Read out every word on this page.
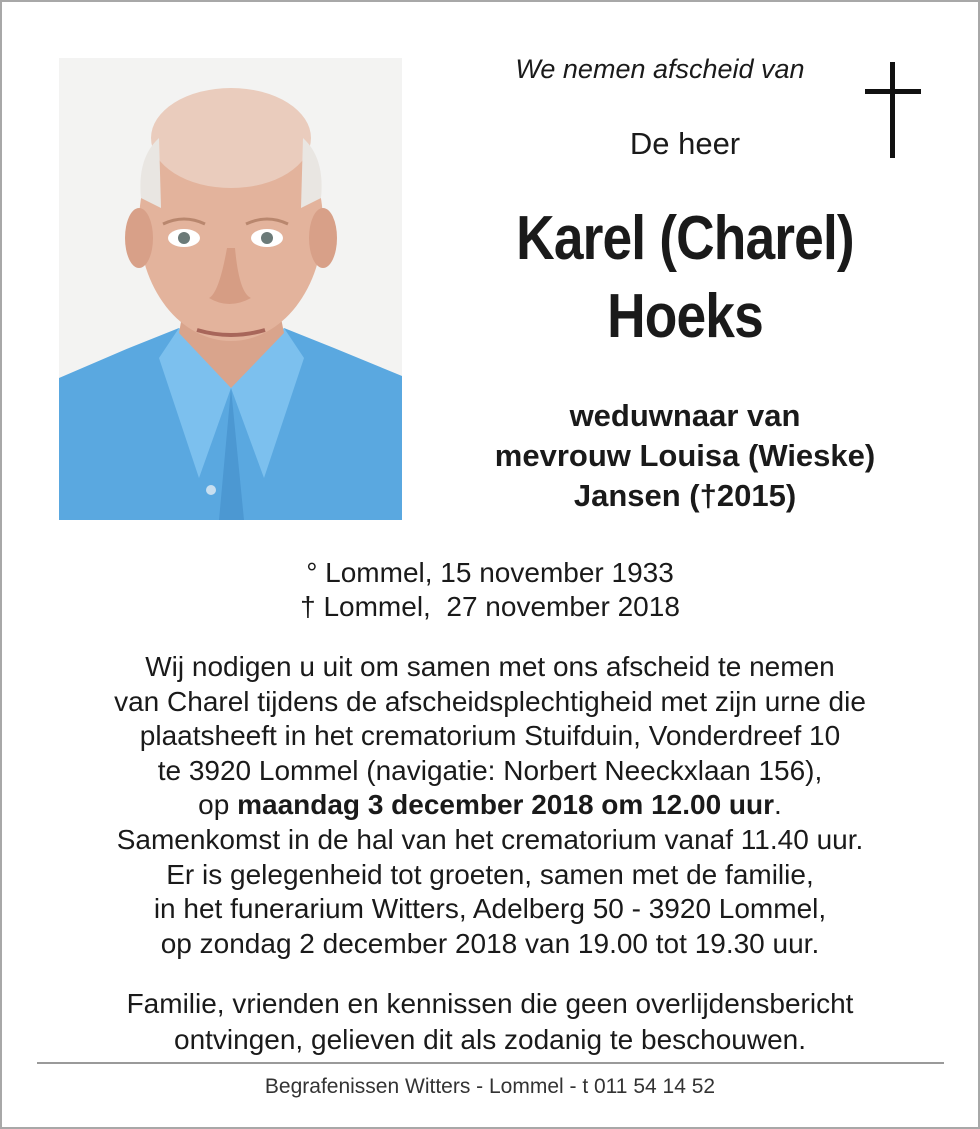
We nemen afscheid van
De heer
Karel (Charel)
Hoeks
weduwnaar van
mevrouw Louisa (Wieske)
Jansen (†2015)
° Lommel, 15 november 1933
† Lommel,  27 november 2018
Wij nodigen u uit om samen met ons afscheid te nemen
van Charel tijdens de afscheidsplechtigheid met zijn urne die
plaatsheeft in het crematorium Stuifduin, Vonderdreef 10
te 3920 Lommel (navigatie: Norbert Neeckxlaan 156),
op maandag 3 december 2018 om 12.00 uur.
Samenkomst in de hal van het crematorium vanaf 11.40 uur.
Er is gelegenheid tot groeten, samen met de familie,
in het funerarium Witters, Adelberg 50 - 3920 Lommel,
op zondag 2 december 2018 van 19.00 tot 19.30 uur.
Familie, vrienden en kennissen die geen overlijdensbericht
ontvingen, gelieven dit als zodanig te beschouwen.
Begrafenissen Witters - Lommel - t 011 54 14 52
